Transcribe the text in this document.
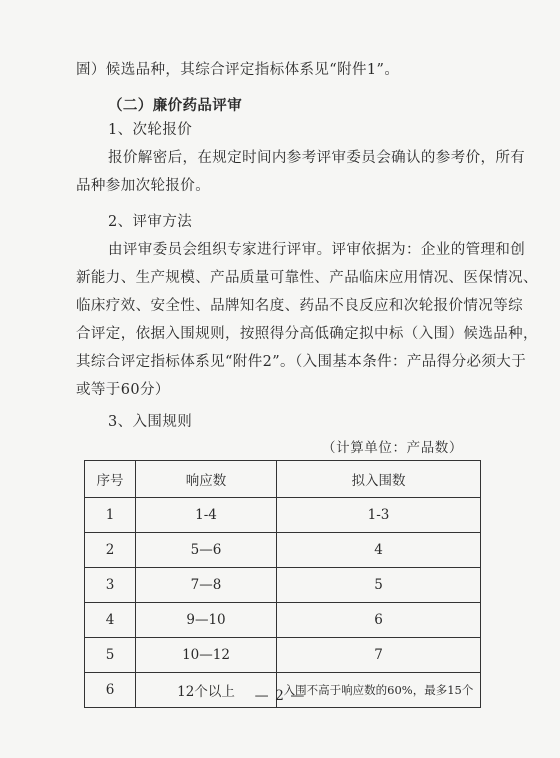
圄）候选品种，其综合评定指标体系见“附件1”。
（二）廉价药品评审
1、次轮报价
报价解密后，在规定时间内参考评审委员会确认的参考价，所有
品种参加次轮报价。
2、评审方法
由评审委员会组织专家进行评审。评审依据为：企业的管理和创
新能力、生产规模、产品质量可靠性、产品临床应用情况、医保情况、
临床疗效、安全性、品牌知名度、药品不良反应和次轮报价情况等综
合评定，依据入围规则，按照得分高低确定拟中标（入围）候选品种，
其综合评定指标体系见“附件2”。（入围基本条件：产品得分必须大于
或等于60分）
3、入围规则
（计算单位：产品数）
序号	响应数	拟入围数
1	1-4	1-3
2	5—6	4
3	7—8	5
4	9—10	6
5	10—12	7
6	12个以上	入围不高于响应数的60%，最多15个
— 2 —
